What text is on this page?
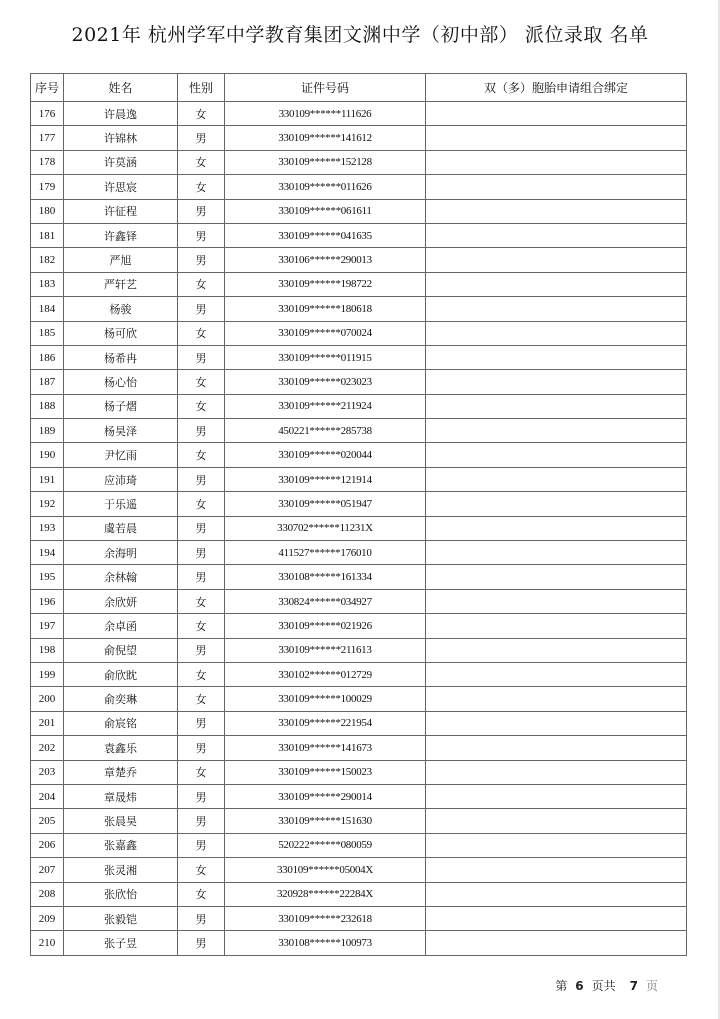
2021年 杭州学军中学教育集团文渊中学（初中部） 派位录取 名单
序号	姓名	性别	证件号码	双（多）胞胎申请组合绑定
176	许晨逸	女	330109******111626	
177	许锦林	男	330109******141612	
178	许莫涵	女	330109******152128	
179	许思宸	女	330109******011626	
180	许征程	男	330109******061611	
181	许鑫铎	男	330109******041635	
182	严旭	男	330106******290013	
183	严轩艺	女	330109******198722	
184	杨骏	男	330109******180618	
185	杨可欣	女	330109******070024	
186	杨希冉	男	330109******011915	
187	杨心怡	女	330109******023023	
188	杨子熠	女	330109******211924	
189	杨昊泽	男	450221******285738	
190	尹忆雨	女	330109******020044	
191	应沛琦	男	330109******121914	
192	于乐遥	女	330109******051947	
193	虞若晨	男	330702******11231X	
194	余海明	男	411527******176010	
195	余林翰	男	330108******161334	
196	余欣妍	女	330824******034927	
197	余卓函	女	330109******021926	
198	俞倪望	男	330109******211613	
199	俞欣眈	女	330102******012729	
200	俞奕琳	女	330109******100029	
201	俞宸铭	男	330109******221954	
202	袁鑫乐	男	330109******141673	
203	章楚乔	女	330109******150023	
204	章晟炜	男	330109******290014	
205	张晨昊	男	330109******151630	
206	张嘉鑫	男	520222******080059	
207	张灵湘	女	330109******05004X	
208	张欣怡	女	320928******22284X	
209	张毅铠	男	330109******232618	
210	张子昱	男	330108******100973	
第 6 页共 7 页
